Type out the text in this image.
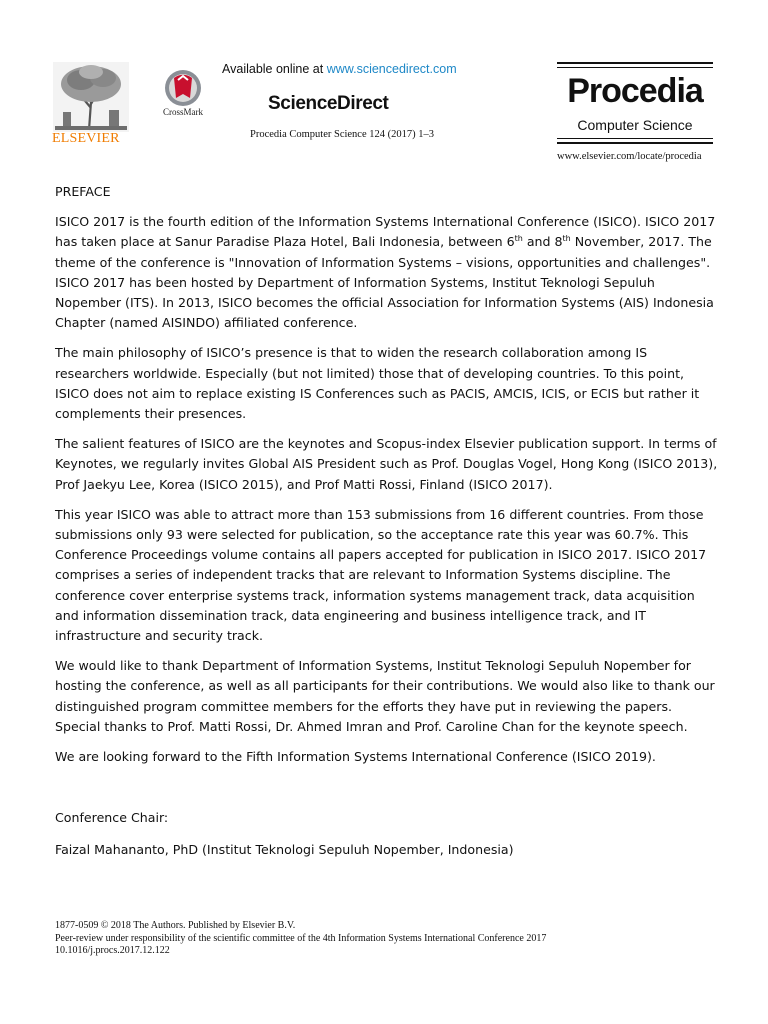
ELSEVIER
CrossMark
Available online at www.sciencedirect.com
ScienceDirect
Procedia Computer Science 124 (2017) 1–3
Procedia
Computer Science
www.elsevier.com/locate/procedia

PREFACE

ISICO 2017 is the fourth edition of the Information Systems International Conference (ISICO). ISICO 2017 has taken place at Sanur Paradise Plaza Hotel, Bali Indonesia, between 6th and 8th November, 2017. The theme of the conference is "Innovation of Information Systems – visions, opportunities and challenges". ISICO 2017 has been hosted by Department of Information Systems, Institut Teknologi Sepuluh Nopember (ITS). In 2013, ISICO becomes the official Association for Information Systems (AIS) Indonesia Chapter (named AISINDO) affiliated conference.

The main philosophy of ISICO’s presence is that to widen the research collaboration among IS researchers worldwide. Especially (but not limited) those that of developing countries. To this point, ISICO does not aim to replace existing IS Conferences such as PACIS, AMCIS, ICIS, or ECIS but rather it complements their presences.

The salient features of ISICO are the keynotes and Scopus-index Elsevier publication support. In terms of Keynotes, we regularly invites Global AIS President such as Prof. Douglas Vogel, Hong Kong (ISICO 2013), Prof Jaekyu Lee, Korea (ISICO 2015), and Prof Matti Rossi, Finland (ISICO 2017).

This year ISICO was able to attract more than 153 submissions from 16 different countries. From those submissions only 93 were selected for publication, so the acceptance rate this year was 60.7%. This Conference Proceedings volume contains all papers accepted for publication in ISICO 2017. ISICO 2017 comprises a series of independent tracks that are relevant to Information Systems discipline. The conference cover enterprise systems track, information systems management track, data acquisition and information dissemination track, data engineering and business intelligence track, and IT infrastructure and security track.

We would like to thank Department of Information Systems, Institut Teknologi Sepuluh Nopember for hosting the conference, as well as all participants for their contributions. We would also like to thank our distinguished program committee members for the efforts they have put in reviewing the papers. Special thanks to Prof. Matti Rossi, Dr. Ahmed Imran and Prof. Caroline Chan for the keynote speech.

We are looking forward to the Fifth Information Systems International Conference (ISICO 2019).

Conference Chair:
Faizal Mahananto, PhD (Institut Teknologi Sepuluh Nopember, Indonesia)
1877-0509 © 2018 The Authors. Published by Elsevier B.V.
Peer-review under responsibility of the scientific committee of the 4th Information Systems International Conference 2017
10.1016/j.procs.2017.12.122
